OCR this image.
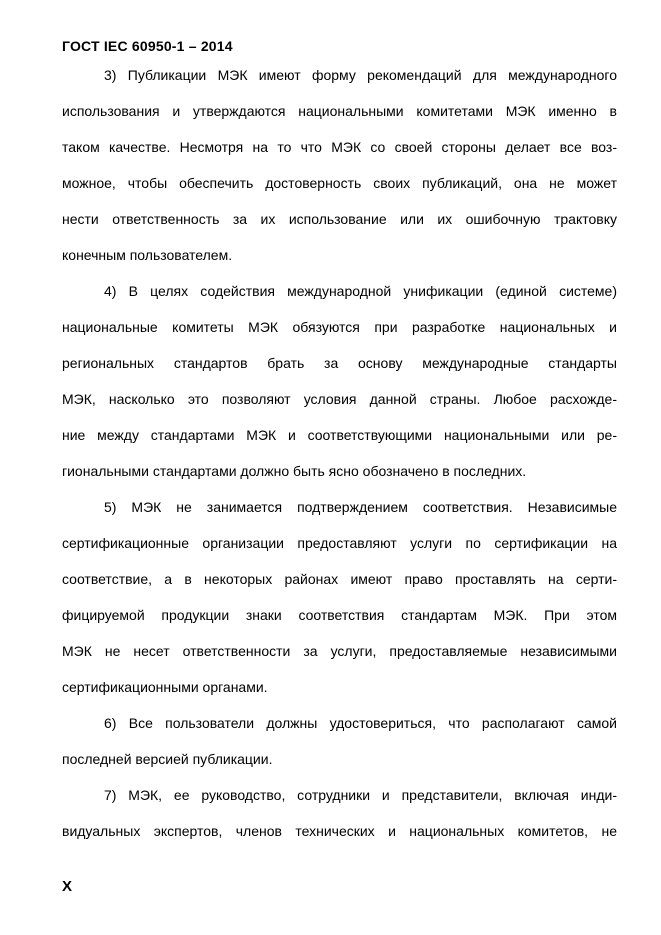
ГОСТ IEC 60950-1 – 2014
3) Публикации МЭК имеют форму рекомендаций для международного
использования и утверждаются национальными комитетами МЭК именно в
таком качестве. Несмотря на то что МЭК со своей стороны делает все воз-
можное, чтобы обеспечить достоверность своих публикаций, она не может
нести ответственность за их использование или их ошибочную трактовку
конечным пользователем.
4) В целях содействия международной унификации (единой системе)
национальные комитеты МЭК обязуются при разработке национальных и
региональных стандартов брать за основу международные стандарты
МЭК, насколько это позволяют условия данной страны. Любое расхожде-
ние между стандартами МЭК и соответствующими национальными или ре-
гиональными стандартами должно быть ясно обозначено в последних.
5) МЭК не занимается подтверждением соответствия. Независимые
сертификационные организации предоставляют услуги по сертификации на
соответствие, а в некоторых районах имеют право проставлять на серти-
фицируемой продукции знаки соответствия стандартам МЭК. При этом
МЭК не несет ответственности за услуги, предоставляемые независимыми
сертификационными органами.
6) Все пользователи должны удостовериться, что располагают самой
последней версией публикации.
7) МЭК, ее руководство, сотрудники и представители, включая инди-
видуальных экспертов, членов технических и национальных комитетов, не
X
